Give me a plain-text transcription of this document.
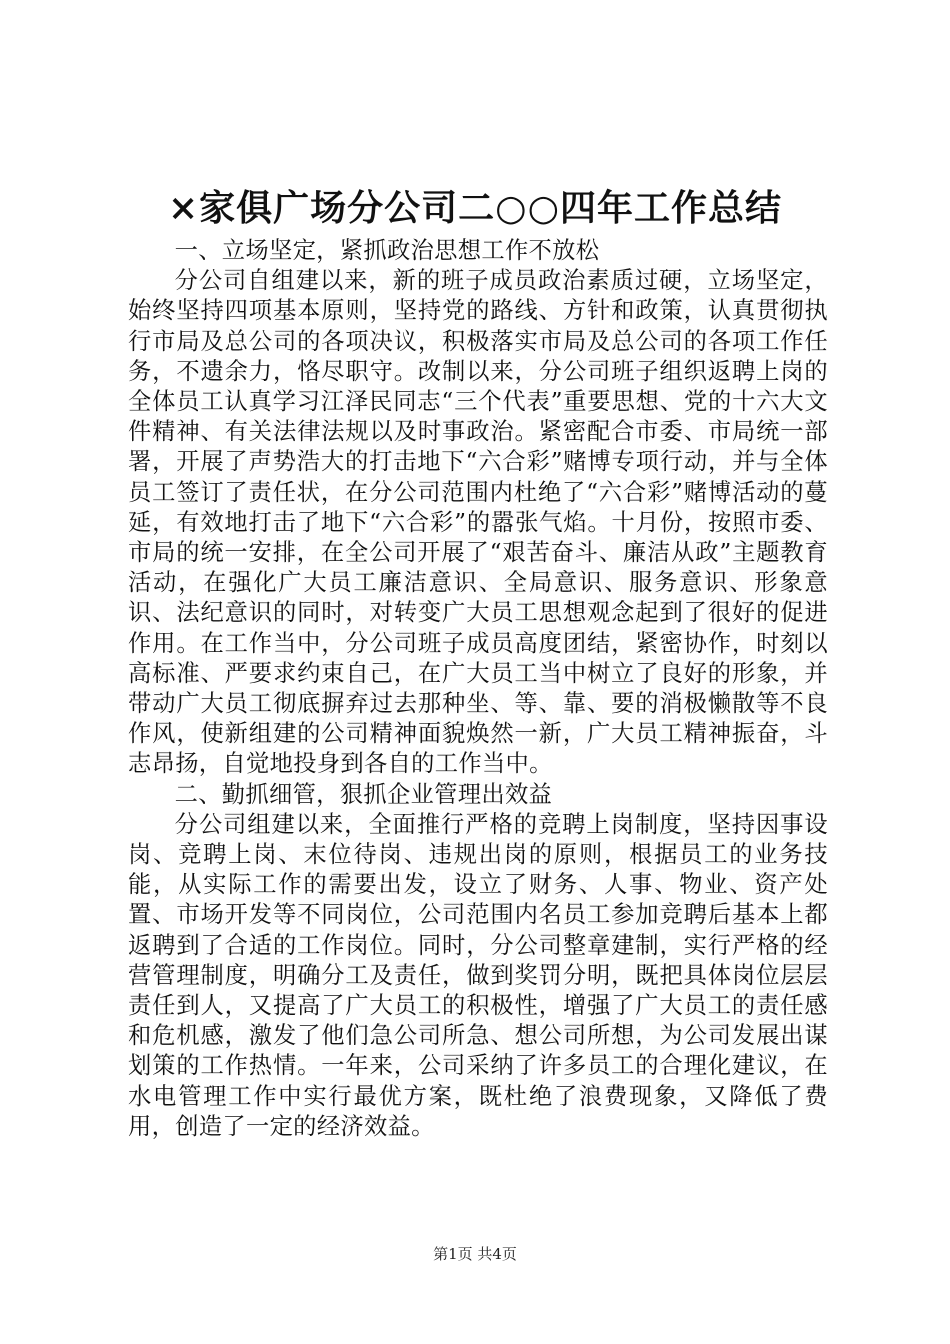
×家俱广场分公司二○○四年工作总结

一、立场坚定，紧抓政治思想工作不放松

分公司自组建以来，新的班子成员政治素质过硬，立场坚定，始终坚持四项基本原则，坚持党的路线、方针和政策，认真贯彻执行市局及总公司的各项决议，积极落实市局及总公司的各项工作任务，不遗余力，恪尽职守。改制以来，分公司班子组织返聘上岗的全体员工认真学习江泽民同志“三个代表”重要思想、党的十六大文件精神、有关法律法规以及时事政治。紧密配合市委、市局统一部署，开展了声势浩大的打击地下“六合彩”赌博专项行动，并与全体员工签订了责任状，在分公司范围内杜绝了“六合彩”赌博活动的蔓延，有效地打击了地下“六合彩”的嚣张气焰。十月份，按照市委、市局的统一安排，在全公司开展了“艰苦奋斗、廉洁从政”主题教育活动，在强化广大员工廉洁意识、全局意识、服务意识、形象意识、法纪意识的同时，对转变广大员工思想观念起到了很好的促进作用。在工作当中，分公司班子成员高度团结，紧密协作，时刻以高标准、严要求约束自己，在广大员工当中树立了良好的形象，并带动广大员工彻底摒弃过去那种坐、等、靠、要的消极懒散等不良作风，使新组建的公司精神面貌焕然一新，广大员工精神振奋，斗志昂扬，自觉地投身到各自的工作当中。

二、勤抓细管，狠抓企业管理出效益

分公司组建以来，全面推行严格的竞聘上岗制度，坚持因事设岗、竞聘上岗、末位待岗、违规出岗的原则，根据员工的业务技能，从实际工作的需要出发，设立了财务、人事、物业、资产处置、市场开发等不同岗位，公司范围内名员工参加竞聘后基本上都返聘到了合适的工作岗位。同时，分公司整章建制，实行严格的经营管理制度，明确分工及责任，做到奖罚分明，既把具体岗位层层责任到人，又提高了广大员工的积极性，增强了广大员工的责任感和危机感，激发了他们急公司所急、想公司所想，为公司发展出谋划策的工作热情。一年来，公司采纳了许多员工的合理化建议，在水电管理工作中实行最优方案，既杜绝了浪费现象，又降低了费用，创造了一定的经济效益。

第1页 共4页
